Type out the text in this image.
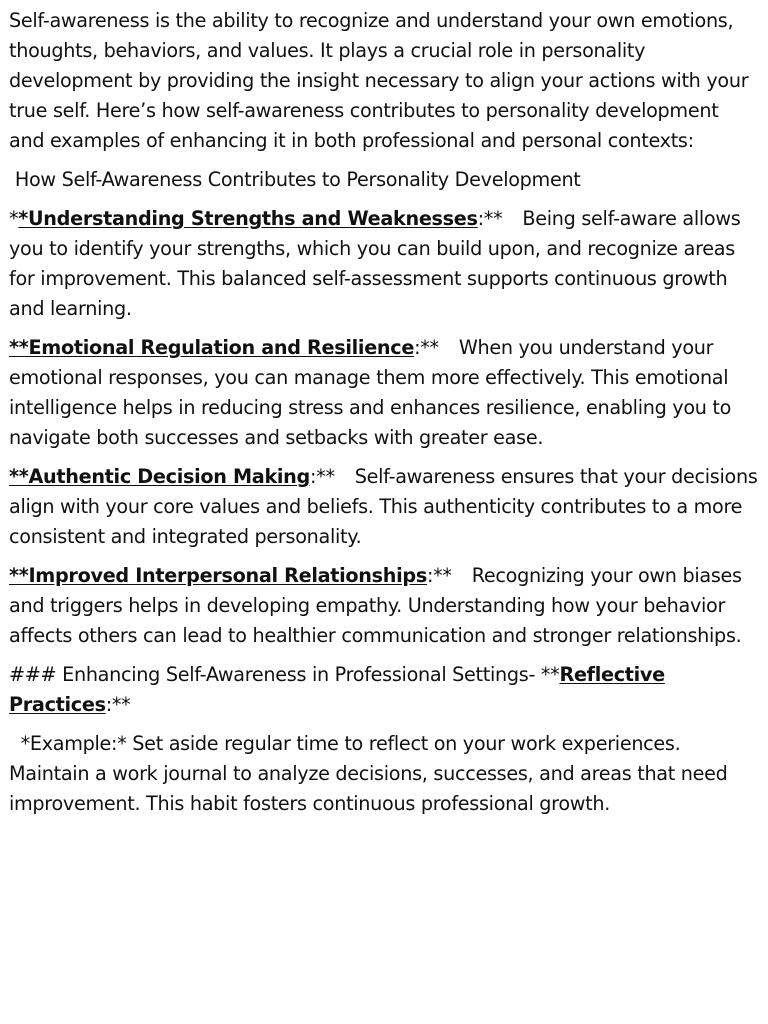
Self-awareness is the ability to recognize and understand your own emotions, thoughts, behaviors, and values. It plays a crucial role in personality development by providing the insight necessary to align your actions with your true self. Here’s how self-awareness contributes to personality development and examples of enhancing it in both professional and personal contexts:

How Self-Awareness Contributes to Personality Development

**Understanding Strengths and Weaknesses:** Being self-aware allows you to identify your strengths, which you can build upon, and recognize areas for improvement. This balanced self-assessment supports continuous growth and learning.

**Emotional Regulation and Resilience:** When you understand your emotional responses, you can manage them more effectively. This emotional intelligence helps in reducing stress and enhances resilience, enabling you to navigate both successes and setbacks with greater ease.

**Authentic Decision Making:** Self-awareness ensures that your decisions align with your core values and beliefs. This authenticity contributes to a more consistent and integrated personality.

**Improved Interpersonal Relationships:** Recognizing your own biases and triggers helps in developing empathy. Understanding how your behavior affects others can lead to healthier communication and stronger relationships.

### Enhancing Self-Awareness in Professional Settings- **Reflective Practices:**

*Example:* Set aside regular time to reflect on your work experiences. Maintain a work journal to analyze decisions, successes, and areas that need improvement. This habit fosters continuous professional growth.
